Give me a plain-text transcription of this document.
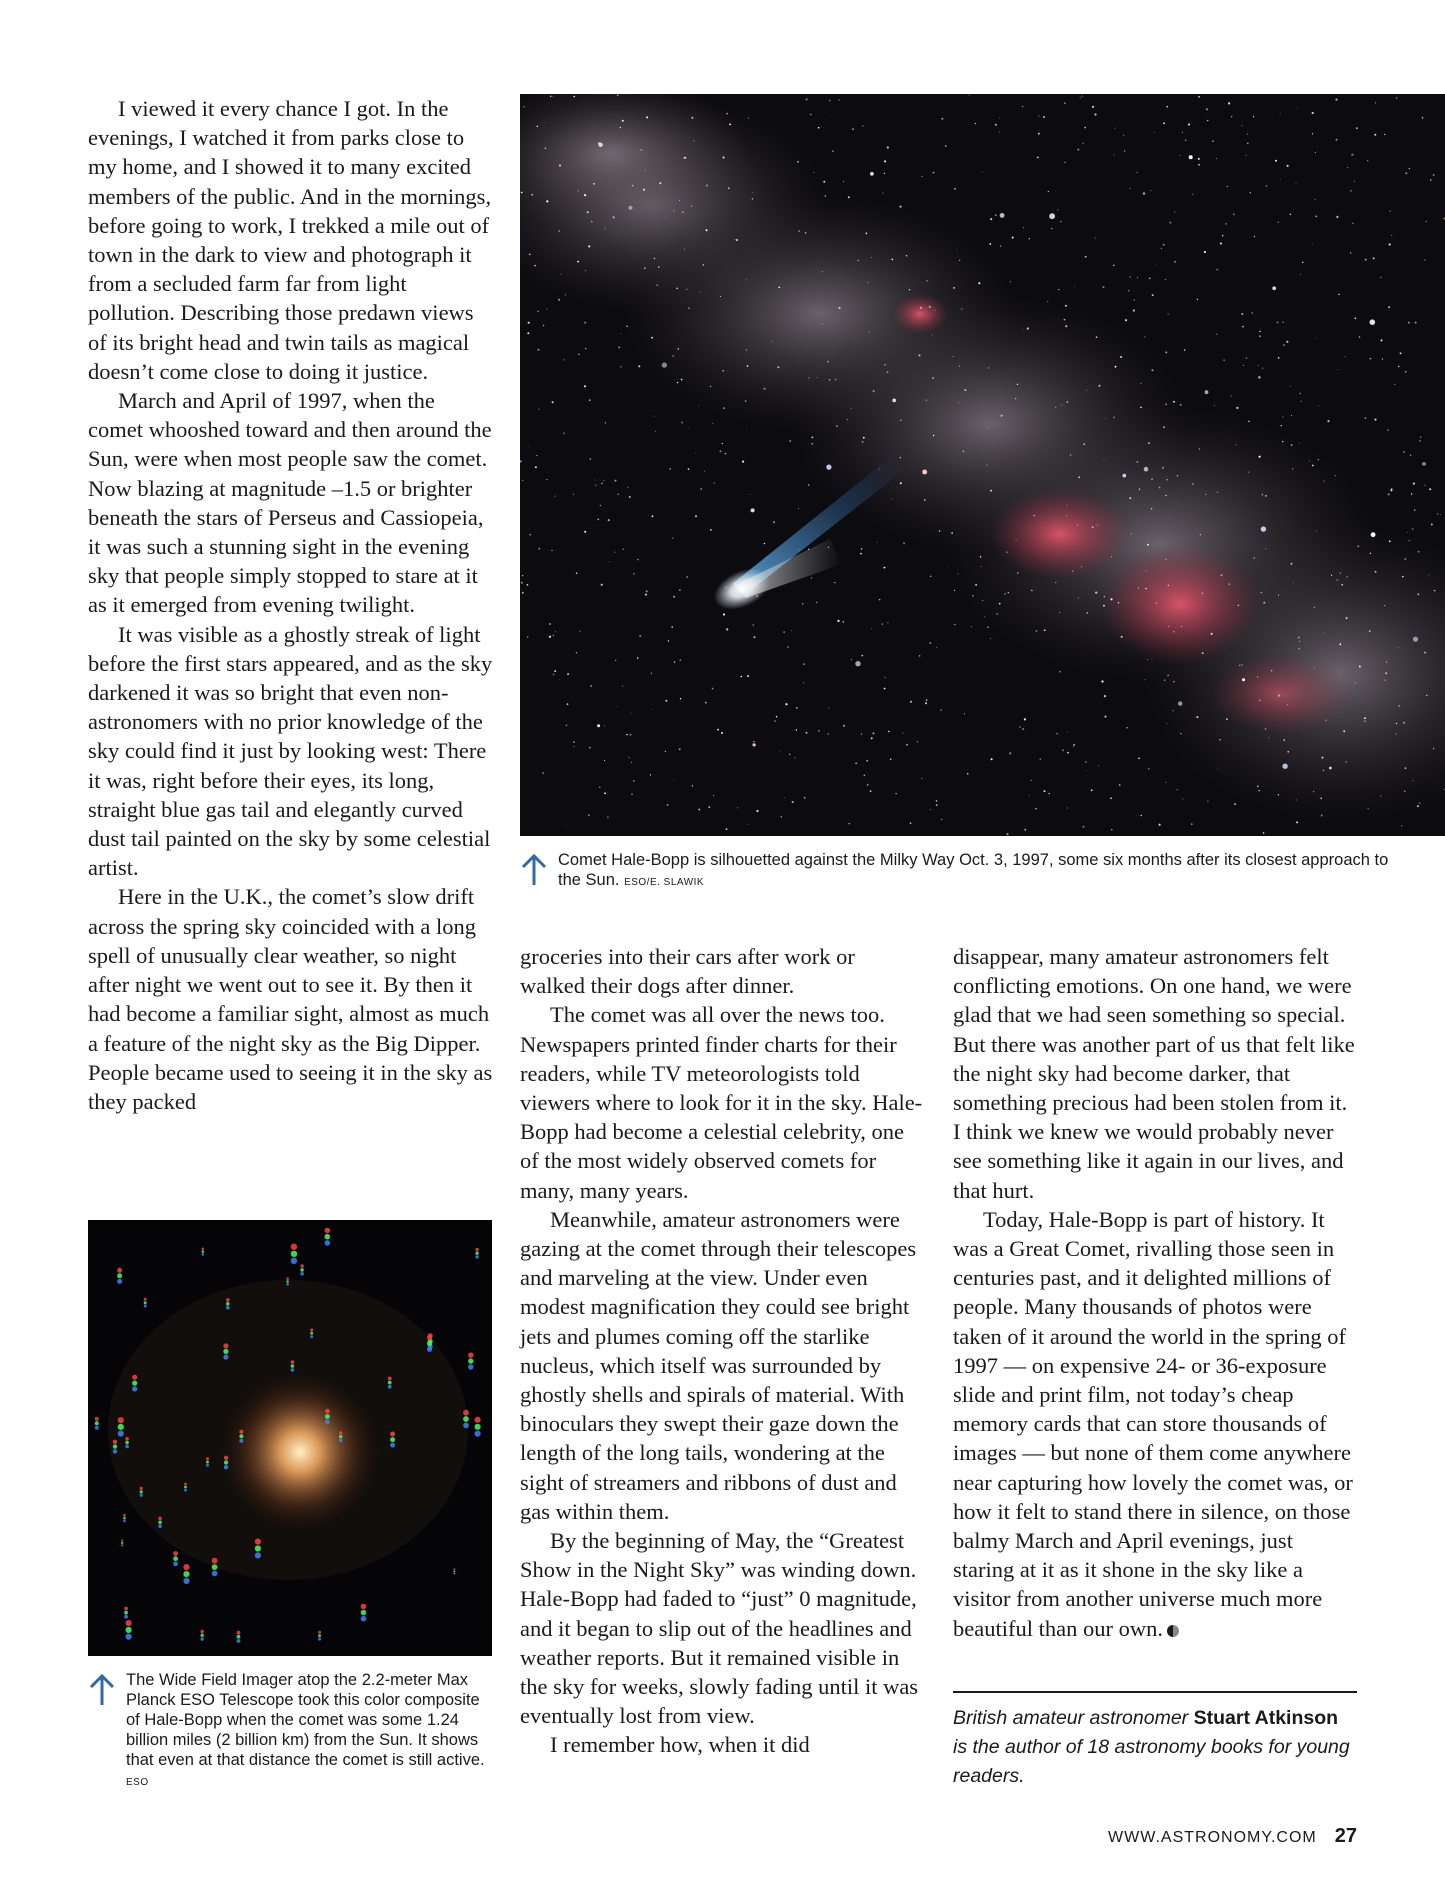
I viewed it every chance I got. In the evenings, I watched it from parks close to my home, and I showed it to many excited members of the public. And in the mornings, before going to work, I trekked a mile out of town in the dark to view and photograph it from a secluded farm far from light pollution. Describing those predawn views of its bright head and twin tails as magical doesn’t come close to doing it justice.

March and April of 1997, when the comet whooshed toward and then around the Sun, were when most people saw the comet. Now blazing at magnitude –1.5 or brighter beneath the stars of Perseus and Cassiopeia, it was such a stunning sight in the evening sky that people simply stopped to stare at it as it emerged from evening twilight.

It was visible as a ghostly streak of light before the first stars appeared, and as the sky darkened it was so bright that even non-astronomers with no prior knowledge of the sky could find it just by looking west: There it was, right before their eyes, its long, straight blue gas tail and elegantly curved dust tail painted on the sky by some celestial artist.

Here in the U.K., the comet’s slow drift across the spring sky coincided with a long spell of unusually clear weather, so night after night we went out to see it. By then it had become a familiar sight, almost as much a feature of the night sky as the Big Dipper. People became used to seeing it in the sky as they packed

Comet Hale-Bopp is silhouetted against the Milky Way Oct. 3, 1997, some six months after its closest approach to the Sun. ESO/E. SLAWIK

groceries into their cars after work or walked their dogs after dinner.

The comet was all over the news too. Newspapers printed finder charts for their readers, while TV meteorologists told viewers where to look for it in the sky. Hale-Bopp had become a celestial celebrity, one of the most widely observed comets for many, many years.

Meanwhile, amateur astronomers were gazing at the comet through their telescopes and marveling at the view. Under even modest magnification they could see bright jets and plumes coming off the starlike nucleus, which itself was surrounded by ghostly shells and spirals of material. With binoculars they swept their gaze down the length of the long tails, wondering at the sight of streamers and ribbons of dust and gas within them.

By the beginning of May, the “Greatest Show in the Night Sky” was winding down. Hale-Bopp had faded to “just” 0 magnitude, and it began to slip out of the headlines and weather reports. But it remained visible in the sky for weeks, slowly fading until it was eventually lost from view.

I remember how, when it did

disappear, many amateur astronomers felt conflicting emotions. On one hand, we were glad that we had seen something so special. But there was another part of us that felt like the night sky had become darker, that something precious had been stolen from it. I think we knew we would probably never see something like it again in our lives, and that hurt.

Today, Hale-Bopp is part of history. It was a Great Comet, rivalling those seen in centuries past, and it delighted millions of people. Many thousands of photos were taken of it around the world in the spring of 1997 — on expensive 24- or 36-exposure slide and print film, not today’s cheap memory cards that can store thousands of images — but none of them come anywhere near capturing how lovely the comet was, or how it felt to stand there in silence, on those balmy March and April evenings, just staring at it as it shone in the sky like a visitor from another universe much more beautiful than our own.

The Wide Field Imager atop the 2.2-meter Max Planck ESO Telescope took this color composite of Hale-Bopp when the comet was some 1.24 billion miles (2 billion km) from the Sun. It shows that even at that distance the comet is still active. ESO
British amateur astronomer Stuart Atkinson is the author of 18 astronomy books for young readers.
WWW.ASTRONOMY.COM 27
